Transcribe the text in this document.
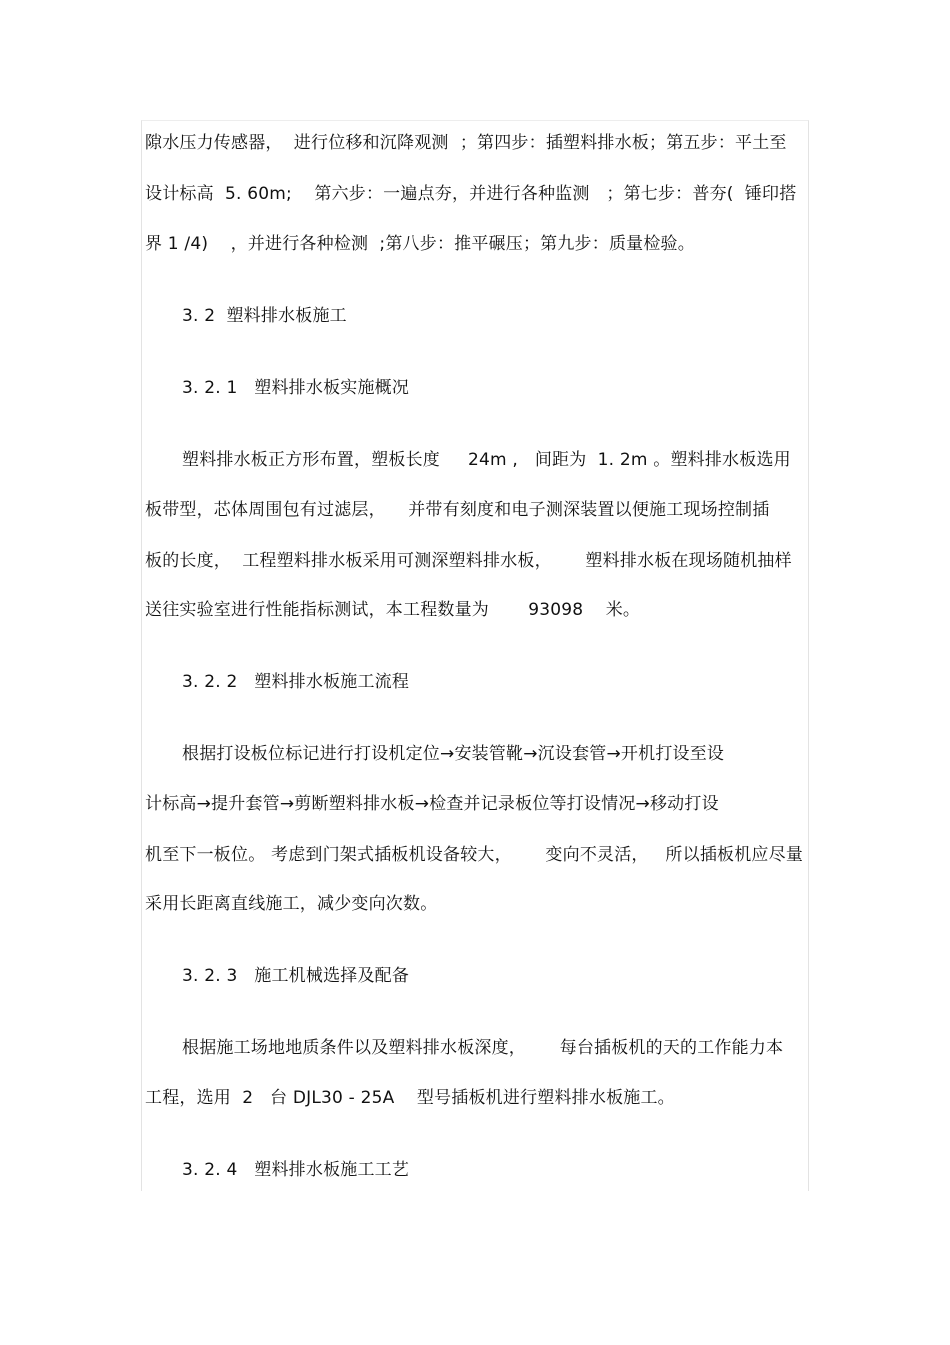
隙水压力传感器，  进行位移和沉降观测  ；第四步：插塑料排水板；第五步：平土至
设计标高  5. 60m;    第六步：一遍点夯，并进行各种监测   ；第七步：普夯(  锤印搭
界 1 /4)    ，并进行各种检测  ;第八步：推平碾压；第九步：质量检验。
3. 2  塑料排水板施工
3. 2. 1   塑料排水板实施概况
塑料排水板正方形布置，塑板长度     24m ,   间距为  1. 2m 。塑料排水板选用
板带型，芯体周围包有过滤层，    并带有刻度和电子测深装置以便施工现场控制插
板的长度，  工程塑料排水板采用可测深塑料排水板，      塑料排水板在现场随机抽样
送往实验室进行性能指标测试，本工程数量为       93098    米。
3. 2. 2   塑料排水板施工流程
根据打设板位标记进行打设机定位→安装管靴→沉设套管→开机打设至设
计标高→提升套管→剪断塑料排水板→检查并记录板位等打设情况→移动打设
机至下一板位。 考虑到门架式插板机设备较大，      变向不灵活，   所以插板机应尽量
采用长距离直线施工，减少变向次数。
3. 2. 3   施工机械选择及配备
根据施工场地地质条件以及塑料排水板深度，      每台插板机的天的工作能力本
工程，选用  2   台 DJL30 - 25A    型号插板机进行塑料排水板施工。
3. 2. 4   塑料排水板施工工艺
